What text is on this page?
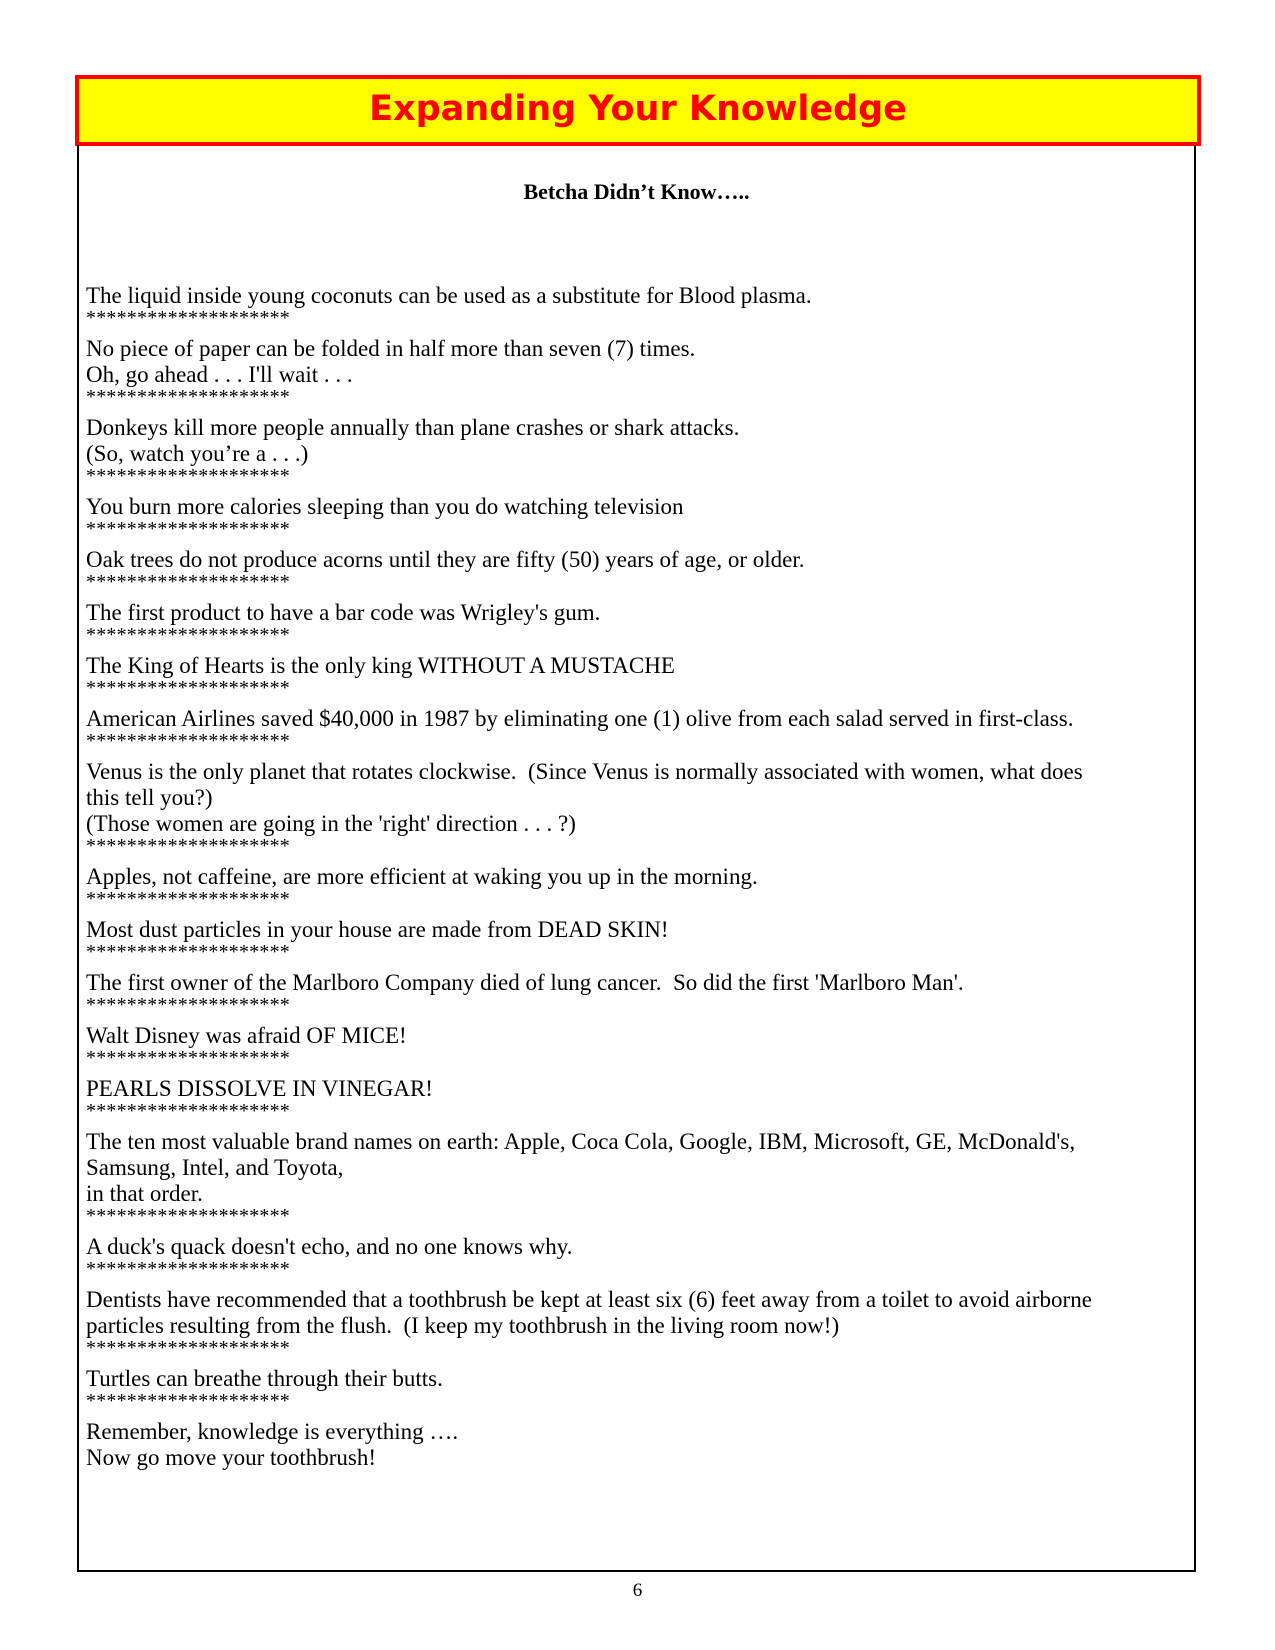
Expanding Your Knowledge
Betcha Didn’t Know…..
The liquid inside young coconuts can be used as a substitute for Blood plasma.
********************
No piece of paper can be folded in half more than seven (7) times.
Oh, go ahead . . . I'll wait . . .
********************
Donkeys kill more people annually than plane crashes or shark attacks.
(So, watch you’re a . . .)
********************
You burn more calories sleeping than you do watching television
********************
Oak trees do not produce acorns until they are fifty (50) years of age, or older.
********************
The first product to have a bar code was Wrigley's gum.
********************
The King of Hearts is the only king WITHOUT A MUSTACHE
********************
American Airlines saved $40,000 in 1987 by eliminating one (1) olive from each salad served in first-class.
********************
Venus is the only planet that rotates clockwise.  (Since Venus is normally associated with women, what does
this tell you?)
(Those women are going in the 'right' direction . . . ?)
********************
Apples, not caffeine, are more efficient at waking you up in the morning.
********************
Most dust particles in your house are made from DEAD SKIN!
********************
The first owner of the Marlboro Company died of lung cancer.  So did the first 'Marlboro Man'.
********************
Walt Disney was afraid OF MICE!
********************
PEARLS DISSOLVE IN VINEGAR!
********************
The ten most valuable brand names on earth: Apple, Coca Cola, Google, IBM, Microsoft, GE, McDonald's,
Samsung, Intel, and Toyota,
in that order.
********************
A duck's quack doesn't echo, and no one knows why.
********************
Dentists have recommended that a toothbrush be kept at least six (6) feet away from a toilet to avoid airborne
particles resulting from the flush.  (I keep my toothbrush in the living room now!)
********************
Turtles can breathe through their butts.
********************
Remember, knowledge is everything ….
Now go move your toothbrush!
6
